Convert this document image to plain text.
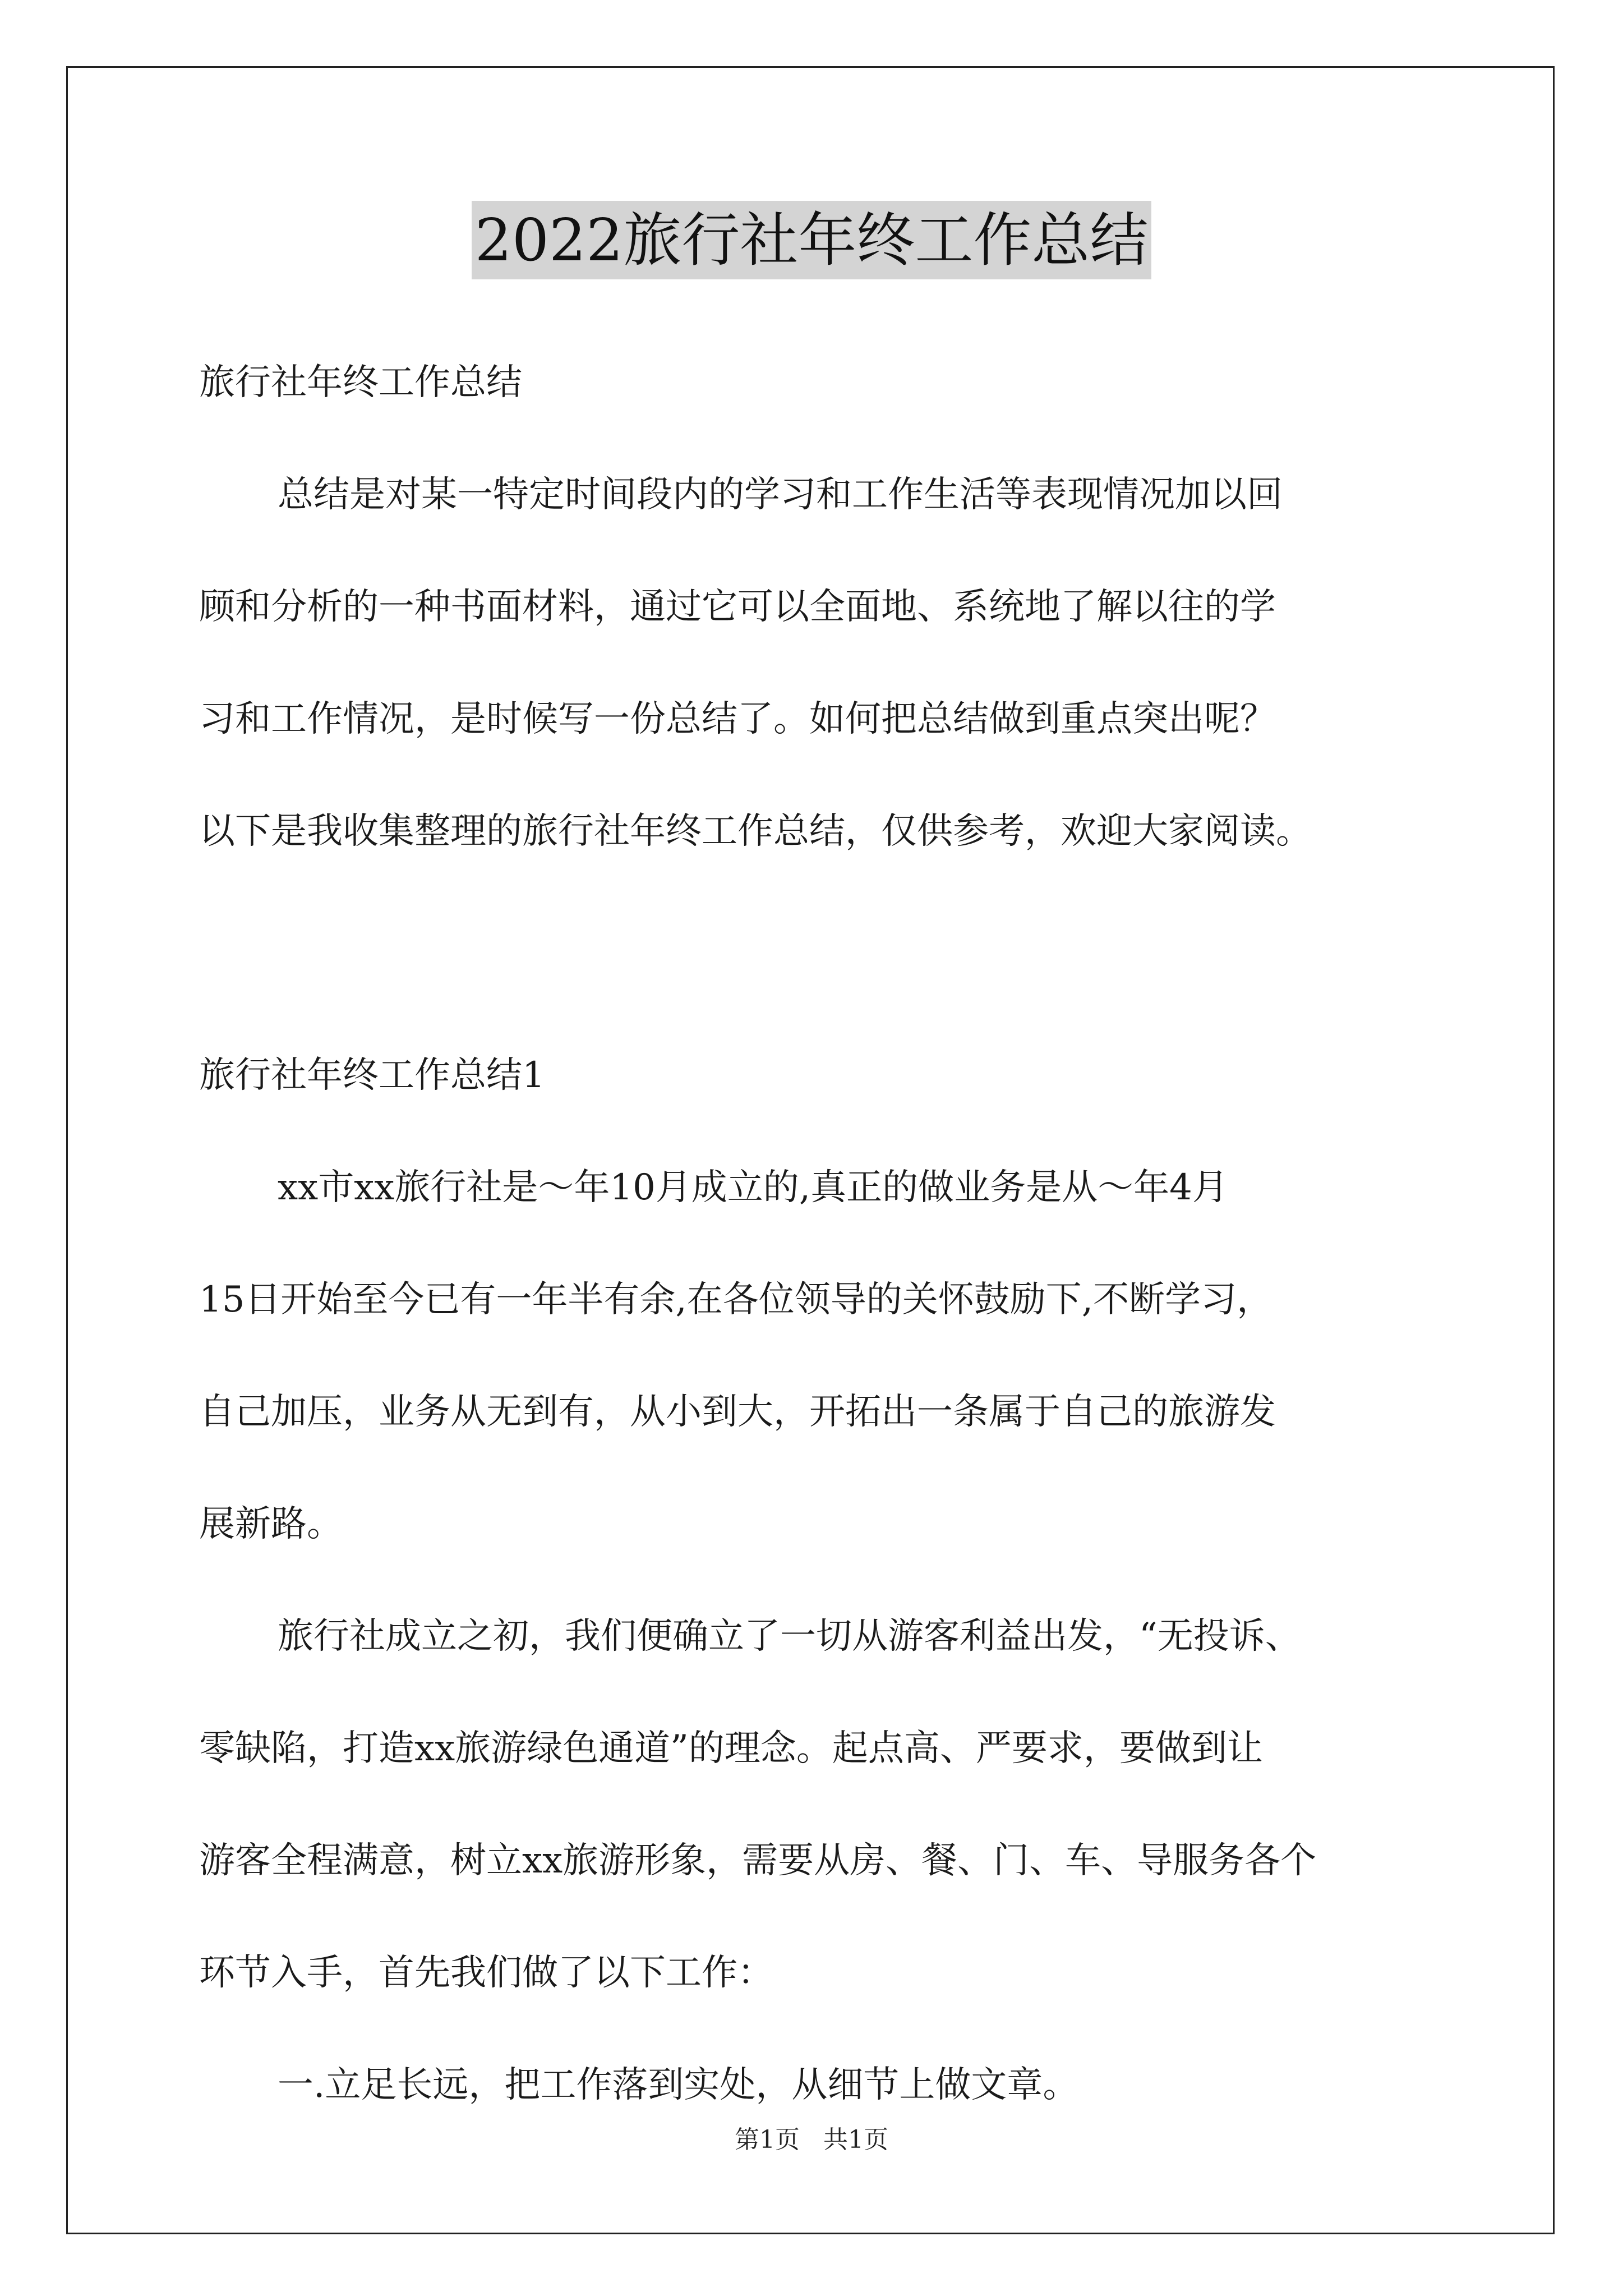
2022旅行社年终工作总结
旅行社年终工作总结
总结是对某一特定时间段内的学习和工作生活等表现情况加以回
顾和分析的一种书面材料，通过它可以全面地、系统地了解以往的学
习和工作情况，是时候写一份总结了。如何把总结做到重点突出呢？
以下是我收集整理的旅行社年终工作总结，仅供参考，欢迎大家阅读。
旅行社年终工作总结1
xx市xx旅行社是～年10月成立的,真正的做业务是从～年4月
15日开始至今已有一年半有余,在各位领导的关怀鼓励下,不断学习，
自己加压，业务从无到有，从小到大，开拓出一条属于自己的旅游发
展新路。
旅行社成立之初，我们便确立了一切从游客利益出发，“无投诉、
零缺陷，打造xx旅游绿色通道”的理念。起点高、严要求，要做到让
游客全程满意，树立xx旅游形象，需要从房、餐、门、车、导服务各个
环节入手，首先我们做了以下工作：
一.立足长远，把工作落到实处，从细节上做文章。
第1页   共1页
